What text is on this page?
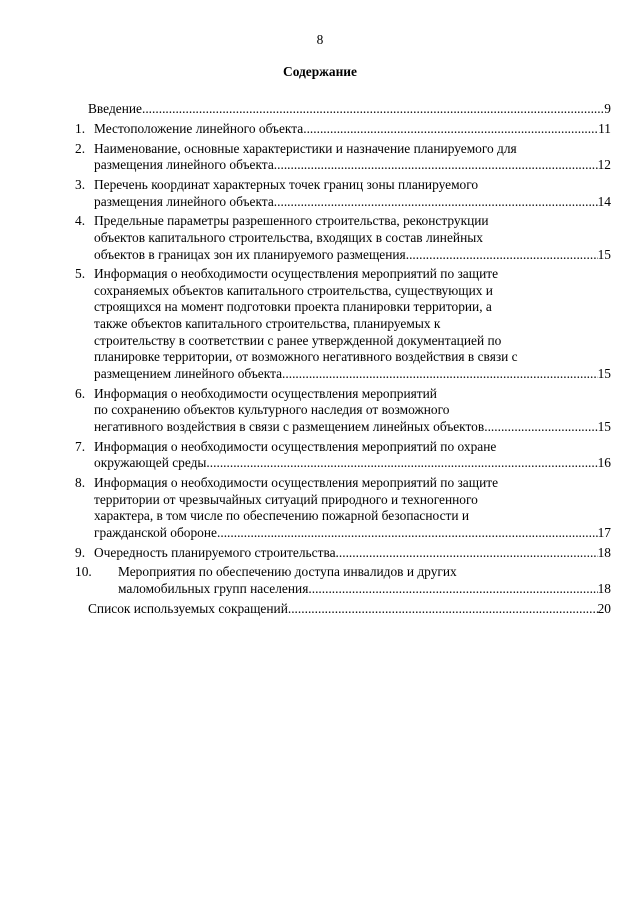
8
Содержание
Введение .....	9
1. Местоположение линейного объекта .....	11
2. Наименование, основные характеристики и назначение планируемого для
размещения линейного объекта .....	12
3. Перечень координат характерных точек границ зоны планируемого
размещения линейного объекта .....	14
4. Предельные параметры разрешенного строительства, реконструкции
объектов капитального строительства, входящих в состав линейных
объектов в границах зон их планируемого размещения .....	15
5. Информация о необходимости осуществления мероприятий по защите
сохраняемых объектов капитального строительства, существующих и
строящихся на момент подготовки проекта планировки территории, а
также объектов капитального строительства, планируемых к
строительству в соответствии с ранее утвержденной документацией по
планировке территории, от возможного негативного воздействия в связи с
размещением линейного объекта .....	15
6. Информация о необходимости осуществления мероприятий
по сохранению объектов культурного наследия от возможного
негативного воздействия в связи с размещением линейных объектов .....	15
7. Информация о необходимости осуществления мероприятий по охране
окружающей среды .....	16
8. Информация о необходимости осуществления мероприятий по защите
территории от чрезвычайных ситуаций природного и техногенного
характера, в том числе по обеспечению пожарной безопасности и
гражданской обороне .....	17
9. Очередность планируемого строительства .....	18
10.	Мероприятия по обеспечению доступа инвалидов и других
маломобильных групп населения .....	18
Список используемых сокращений .....	20
